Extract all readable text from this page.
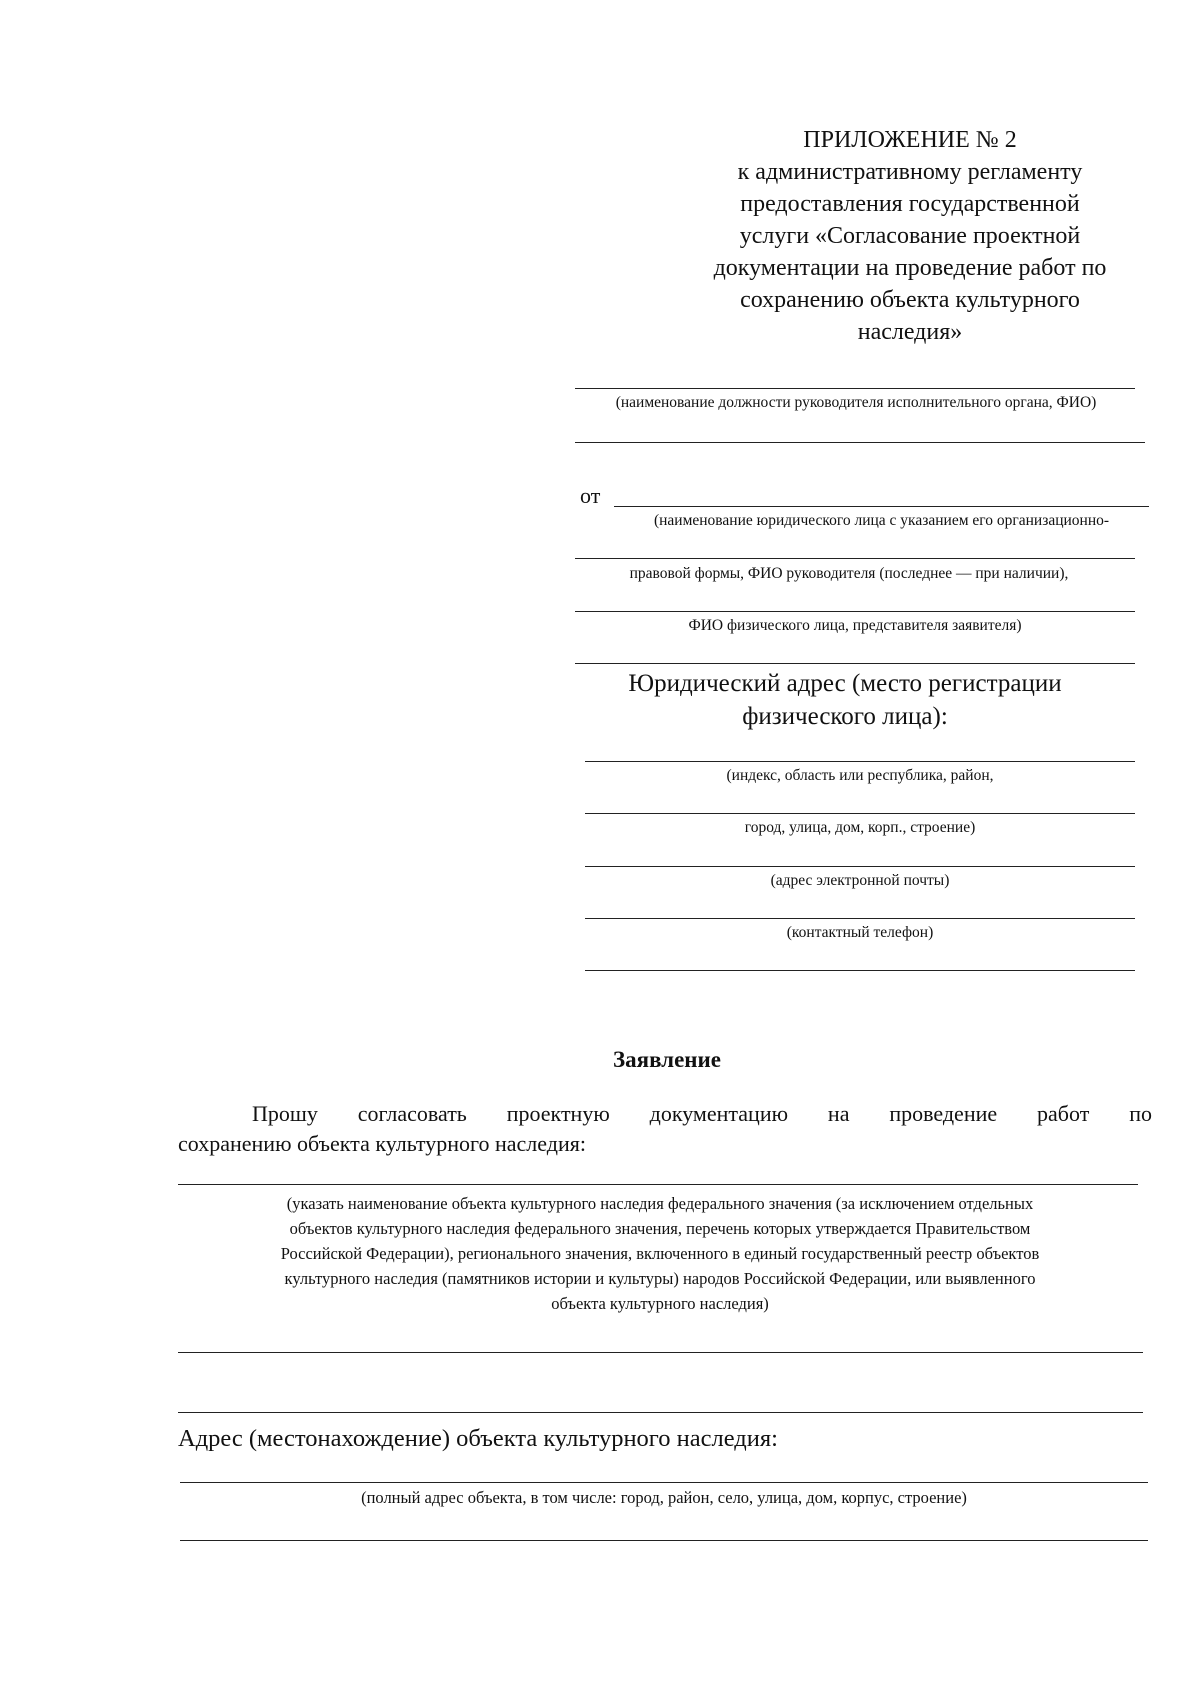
ПРИЛОЖЕНИЕ № 2
к административному регламенту
предоставления государственной
услуги «Согласование проектной
документации на проведение работ по
сохранению объекта культурного
наследия»
(наименование должности руководителя исполнительного органа, ФИО)
от
(наименование юридического лица с указанием его организационно-
правовой формы, ФИО руководителя (последнее — при наличии),
ФИО физического лица, представителя заявителя)
Юридический адрес (место регистрации
физического лица):
(индекс, область или республика, район,
город, улица, дом, корп., строение)
(адрес электронной почты)
(контактный телефон)
Заявление
Прошу согласовать проектную документацию на проведение работ по
сохранению объекта культурного наследия:
(указать наименование объекта культурного наследия федерального значения (за исключением отдельных
объектов культурного наследия федерального значения, перечень которых утверждается Правительством
Российской Федерации), регионального значения, включенного в единый государственный реестр объектов
культурного наследия (памятников истории и культуры) народов Российской Федерации, или выявленного
объекта культурного наследия)
Адрес (местонахождение) объекта культурного наследия:
(полный адрес объекта, в том числе: город, район, село, улица, дом, корпус, строение)
